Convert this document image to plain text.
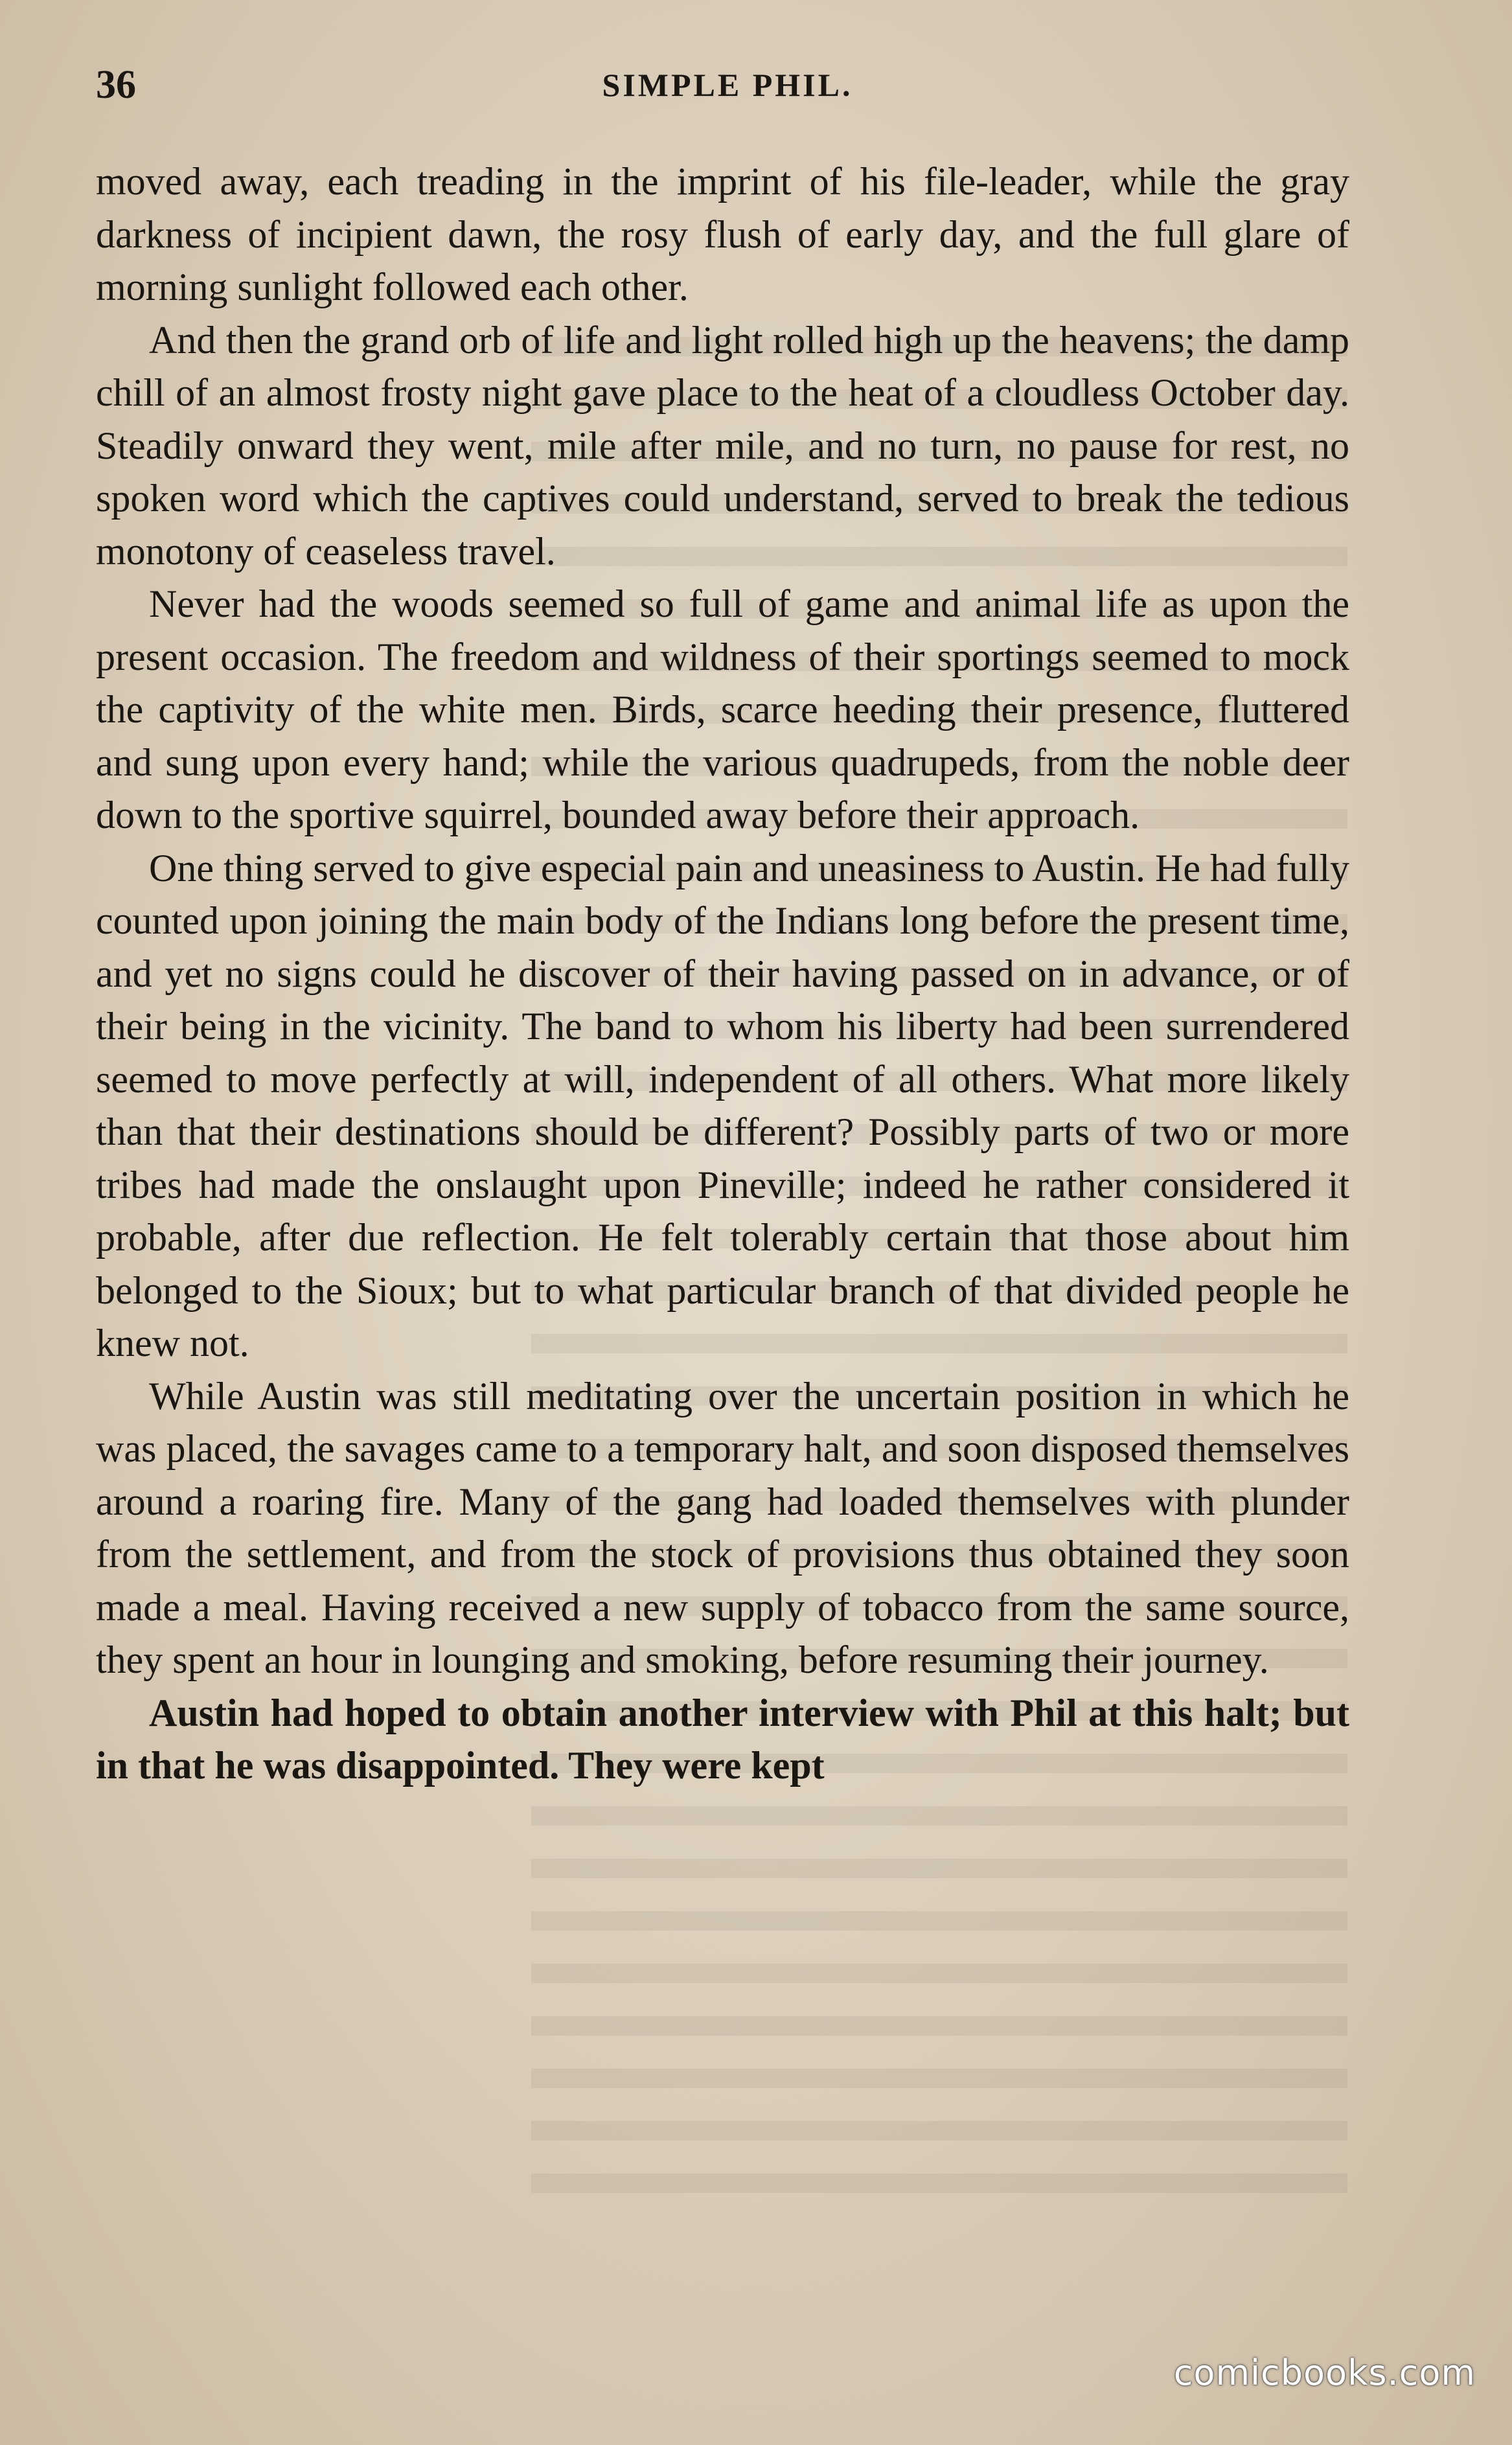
36	SIMPLE PHIL.

moved away, each treading in the imprint of his file-leader, while the gray darkness of incipient dawn, the rosy flush of early day, and the full glare of morning sunlight followed each other.

And then the grand orb of life and light rolled high up the heavens; the damp chill of an almost frosty night gave place to the heat of a cloudless October day. Steadily onward they went, mile after mile, and no turn, no pause for rest, no spoken word which the captives could understand, served to break the tedious monotony of ceaseless travel.

Never had the woods seemed so full of game and animal life as upon the present occasion. The freedom and wildness of their sportings seemed to mock the captivity of the white men. Birds, scarce heeding their presence, fluttered and sung upon every hand; while the various quadrupeds, from the noble deer down to the sportive squirrel, bounded away before their approach.

One thing served to give especial pain and uneasiness to Austin. He had fully counted upon joining the main body of the Indians long before the present time, and yet no signs could he discover of their having passed on in advance, or of their being in the vicinity. The band to whom his liberty had been surrendered seemed to move perfectly at will, independent of all others. What more likely than that their destinations should be different? Possibly parts of two or more tribes had made the onslaught upon Pineville; indeed he rather considered it probable, after due reflection. He felt tolerably certain that those about him belonged to the Sioux; but to what particular branch of that divided people he knew not.

While Austin was still meditating over the uncertain position in which he was placed, the savages came to a temporary halt, and soon disposed themselves around a roaring fire. Many of the gang had loaded themselves with plunder from the settlement, and from the stock of provisions thus obtained they soon made a meal. Having received a new supply of tobacco from the same source, they spent an hour in lounging and smoking, before resuming their journey.

Austin had hoped to obtain another interview with Phil at this halt; but in that he was disappointed. They were kept

comicbooks.com
